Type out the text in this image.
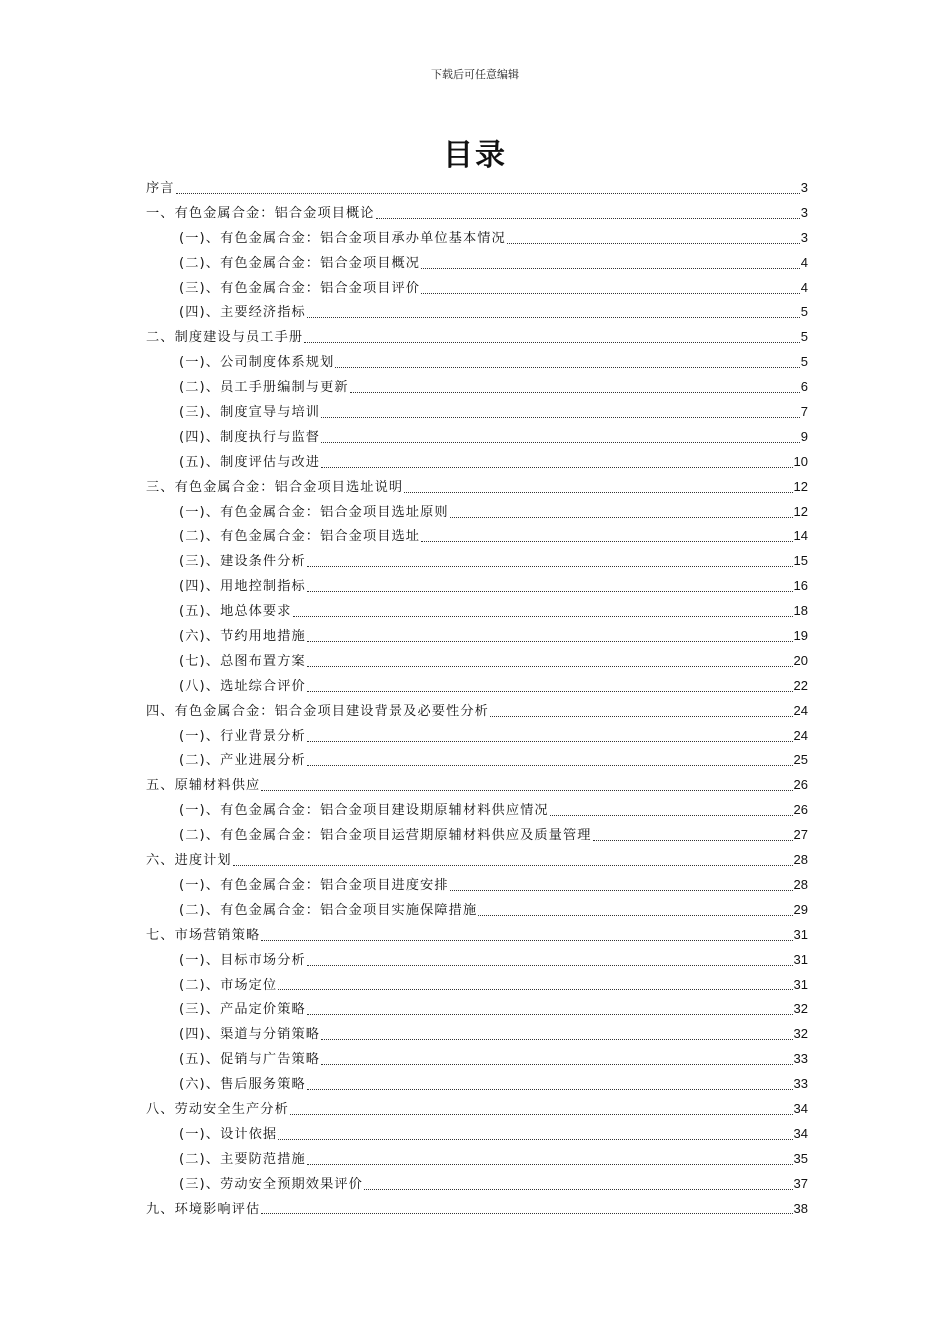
下载后可任意编辑
目录
序言	3
一、有色金属合金：铝合金项目概论	3
(一)、有色金属合金：铝合金项目承办单位基本情况	3
(二)、有色金属合金：铝合金项目概况	4
(三)、有色金属合金：铝合金项目评价	4
(四)、主要经济指标	5
二、制度建设与员工手册	5
(一)、公司制度体系规划	5
(二)、员工手册编制与更新	6
(三)、制度宣导与培训	7
(四)、制度执行与监督	9
(五)、制度评估与改进	10
三、有色金属合金：铝合金项目选址说明	12
(一)、有色金属合金：铝合金项目选址原则	12
(二)、有色金属合金：铝合金项目选址	14
(三)、建设条件分析	15
(四)、用地控制指标	16
(五)、地总体要求	18
(六)、节约用地措施	19
(七)、总图布置方案	20
(八)、选址综合评价	22
四、有色金属合金：铝合金项目建设背景及必要性分析	24
(一)、行业背景分析	24
(二)、产业进展分析	25
五、原辅材料供应	26
(一)、有色金属合金：铝合金项目建设期原辅材料供应情况	26
(二)、有色金属合金：铝合金项目运营期原辅材料供应及质量管理	27
六、进度计划	28
(一)、有色金属合金：铝合金项目进度安排	28
(二)、有色金属合金：铝合金项目实施保障措施	29
七、市场营销策略	31
(一)、目标市场分析	31
(二)、市场定位	31
(三)、产品定价策略	32
(四)、渠道与分销策略	32
(五)、促销与广告策略	33
(六)、售后服务策略	33
八、劳动安全生产分析	34
(一)、设计依据	34
(二)、主要防范措施	35
(三)、劳动安全预期效果评价	37
九、环境影响评估	38
